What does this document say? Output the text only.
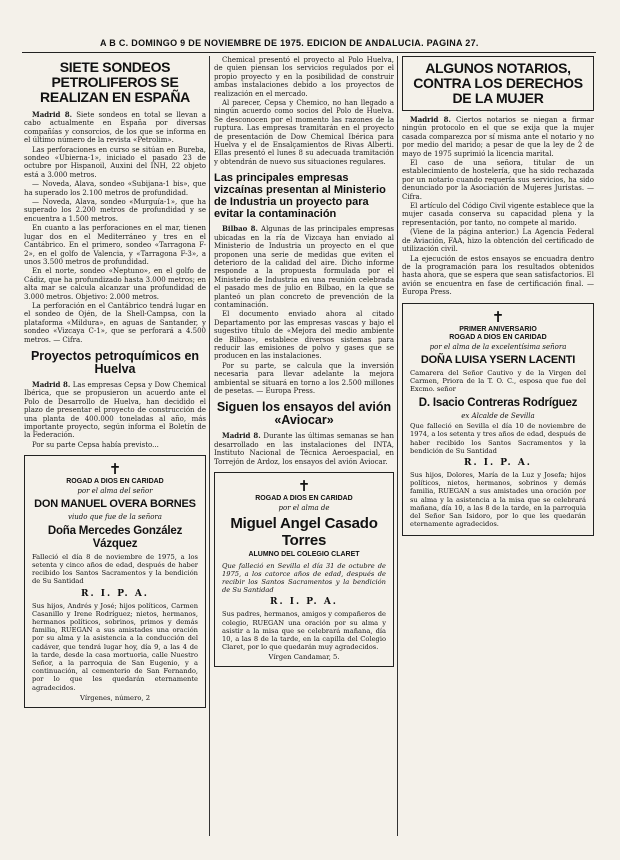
A B C. DOMINGO 9 DE NOVIEMBRE DE 1975. EDICION DE ANDALUCIA. PAGINA 27.
SIETE SONDEOS PETROLIFEROS SE REALIZAN EN ESPAÑA
Madrid 8. Siete sondeos en total se llevan a cabo actualmente en España por diversas compañías y consorcios, de los que se informa en el último número de la revista «Petrolim».
Las perforaciones en curso se sitúan en Bureba, sondeo «Ubierna-1», iniciado el pasado 23 de octubre por Hispanoil, Auxini del INH, 22 objeto está a 3.000 metros.
— Noveda, Alava, sondeo «Subijana-1 bis», que ha superado los 2.100 metros de profundidad.
— Noveda, Alava, sondeo «Murguía-1», que ha superado los 2.200 metros de profundidad y se encuentra a 1.500 metros.
En cuanto a las perforaciones en el mar, tienen lugar dos en el Mediterráneo y tres en el Cantábrico. En el primero, sondeo «Tarragona F-2», en el golfo de Valencia, y «Tarragona F-3», a unos 3.500 metros de profundidad.
En el norte, sondeo «Neptuno», en el golfo de Cádiz, que ha profundizado hasta 3.000 metros; en alta mar se calcula alcanzar una profundidad de 3.000 metros. Objetivo: 2.000 metros.
La perforación en el Cantábrico tendrá lugar en el sondeo de Ojén, de la Shell-Campsa, con la plataforma «Mildura», en aguas de Santander, y sondeo «Vizcaya C-1», que se perforará a 4.500 metros. — Cifra.
Proyectos petroquímicos en Huelva
Madrid 8. Las empresas Cepsa y Dow Chemical Ibérica, que se propusieron un acuerdo ante el Polo de Desarrollo de Huelva, han decidido el plazo de presentar el proyecto de construcción de una planta de 400.000 toneladas al año, más importante proyecto, según informa el Boletín de la Federación.
Por su parte Cepsa había previsto...
✝
ROGAD A DIOS EN CARIDAD
por el alma del señor
DON MANUEL OVERA BORNES
viudo que fue de la señora
Doña Mercedes González Vázquez
Falleció el día 8 de noviembre de 1975, a los setenta y cinco años de edad, después de haber recibido los Santos Sacramentos y la bendición de Su Santidad
R. I. P. A.
Sus hijos, Andrés y José; hijos políticos, Carmen Casanillo y Irene Rodríguez; nietos, hermanos, hermanos políticos, sobrinos, primos y demás familia, RUEGAN a sus amistades una oración por su alma y la asistencia a la conducción del cadáver, que tendrá lugar hoy, día 9, a las 4 de la tarde, desde la casa mortuoria, calle Nuestro Señor, a la parroquia de San Eugenio, y a continuación, al cementerio de San Fernando, por lo que les quedarán eternamente agradecidos.
Vírgenes, número, 2
Chemical presentó el proyecto al Polo Huelva, de quien piensan los servicios regulados por el propio proyecto y en la posibilidad de construir ambas instalaciones debido a los proyectos de realización en el mercado.
Al parecer, Cepsa y Chemico, no han llegado a ningún acuerdo como socios del Polo de Huelva. Se desconocen por el momento las razones de la ruptura. Las empresas tramitarán en el proyecto de presentación de Dow Chemical Ibérica para Huelva y el de Ensalçamientos de Rivas Alberti. Ellas presentó el lunes 8 su adecuada tramitación y obtendrán de nuevo sus situaciones regulares.
Las principales empresas vizcaínas presentan al Ministerio de Industria un proyecto para evitar la contaminación
Bilbao 8. Algunas de las principales empresas ubicadas en la ría de Vizcaya han enviado al Ministerio de Industria un proyecto en el que proponen una serie de medidas que eviten el deterioro de la calidad del aire. Dicho informe responde a la propuesta formulada por el Ministerio de Industria en una reunión celebrada el pasado mes de julio en Bilbao, en la que se planteó un plan concreto de prevención de la contaminación.
El documento enviado ahora al citado Departamento por las empresas vascas y bajo el sugestivo título de «Mejora del medio ambiente de Bilbao», establece diversos sistemas para reducir las emisiones de polvo y gases que se producen en las instalaciones.
Por su parte, se calcula que la inversión necesaria para llevar adelante la mejora ambiental se situará en torno a los 2.500 millones de pesetas. — Europa Press.
Siguen los ensayos del avión «Aviocar»
Madrid 8. Durante las últimas semanas se han desarrollado en las instalaciones del INTA, Instituto Nacional de Técnica Aeroespacial, en Torrejón de Ardoz, los ensayos del avión Aviocar.
✝
ROGAD A DIOS EN CARIDAD
por el alma de
Miguel Angel Casado Torres
ALUMNO DEL COLEGIO CLARET
Que falleció en Sevilla el día 31 de octubre de 1975, a los catorce años de edad, después de recibir los Santos Sacramentos y la bendición de Su Santidad
R. I. P. A.
Sus padres, hermanos, amigos y compañeros de colegio, RUEGAN una oración por su alma y asistir a la misa que se celebrará mañana, día 10, a las 8 de la tarde, en la capilla del Colegio Claret, por lo que quedarán muy agradecidos.
Vírgen Candamar, 5.
ALGUNOS NOTARIOS, CONTRA LOS DERECHOS DE LA MUJER
Madrid 8. Ciertos notarios se niegan a firmar ningún protocolo en el que se exija que la mujer casada comparezca por sí misma ante el notario y no por medio del marido; a pesar de que la ley de 2 de mayo de 1975 suprimió la licencia marital.
El caso de una señora, titular de un establecimiento de hostelería, que ha sido rechazada por un notario cuando requería sus servicios, ha sido denunciado por la Asociación de Mujeres Juristas. — Cifra.
El artículo del Código Civil vigente establece que la mujer casada conserva su capacidad plena y la representación, por tanto, no compete al marido.
(Viene de la página anterior.) La Agencia Federal de Aviación, FAA, hizo la obtención del certificado de utilización civil.
La ejecución de estos ensayos se encuadra dentro de la programación para los resultados obtenidos hasta ahora, que se espera que sean satisfactorios. El avión se encuentra en fase de certificación final. — Europa Press.
✝
PRIMER ANIVERSARIO
ROGAD A DIOS EN CARIDAD
por el alma de la excelentísima señora
DOÑA LUISA YSERN LACENTI
Camarera del Señor Cautivo y de la Virgen del Carmen, Priora de la T. O. C., esposa que fue del Excmo. señor
D. Isacio Contreras Rodríguez
ex Alcalde de Sevilla
Que falleció en Sevilla el día 10 de noviembre de 1974, a los setenta y tres años de edad, después de haber recibido los Santos Sacramentos y la bendición de Su Santidad
R. I. P. A.
Sus hijos, Dolores, María de la Luz y Josefa; hijos políticos, nietos, hermanos, sobrinos y demás familia, RUEGAN a sus amistades una oración por su alma y la asistencia a la misa que se celebrará mañana, día 10, a las 8 de la tarde, en la parroquia del Señor San Isidoro, por lo que les quedarán eternamente agradecidos.
